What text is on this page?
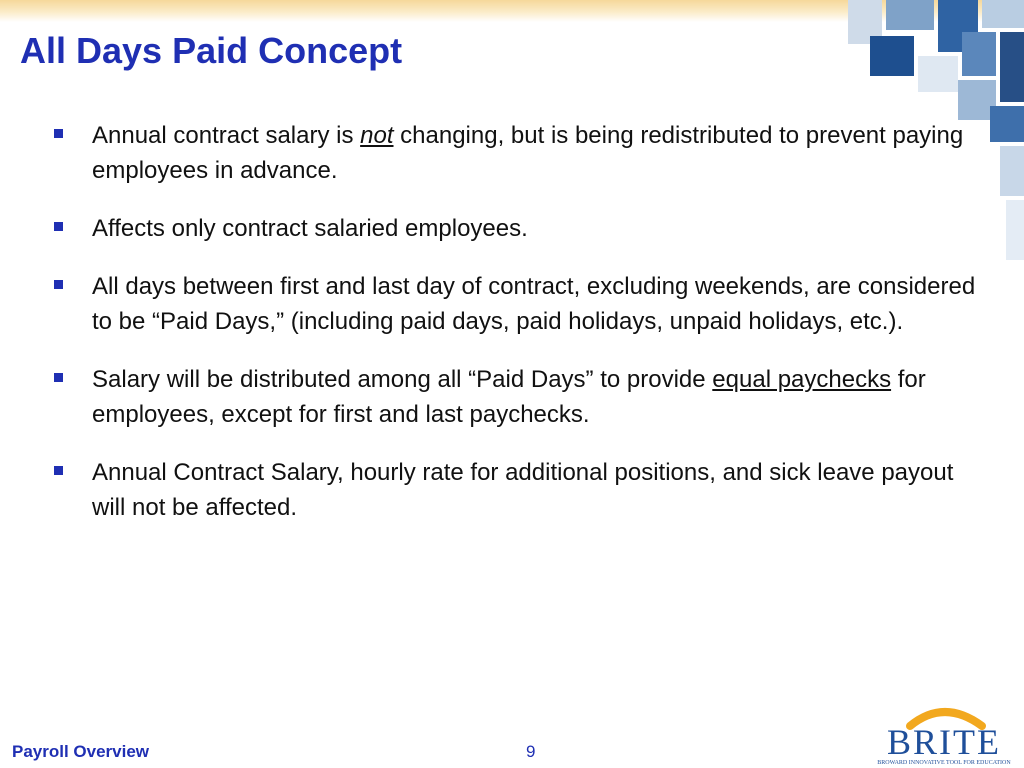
All Days Paid Concept
Annual contract salary is not changing, but is being redistributed to prevent paying employees in advance.
Affects only contract salaried employees.
All days between first and last day of contract, excluding weekends, are considered to be “Paid Days,” (including paid days, paid holidays, unpaid holidays, etc.).
Salary will be distributed among all “Paid Days” to provide equal paychecks for employees, except for first and last paychecks.
Annual Contract Salary, hourly rate for additional positions, and sick leave payout will not be affected.
Payroll Overview	9	BRITE
BROWARD INNOVATIVE TOOL FOR EDUCATION
